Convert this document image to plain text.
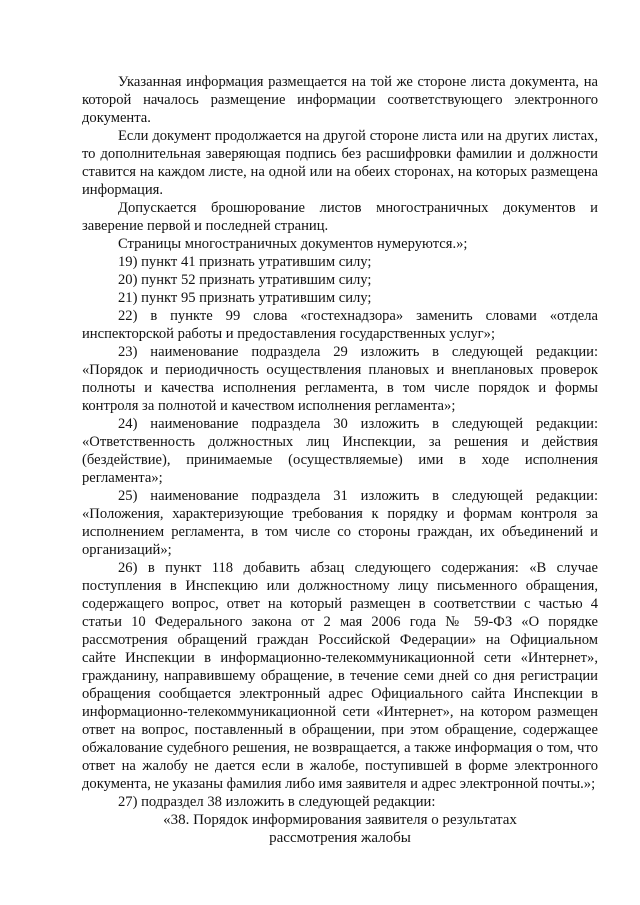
Указанная информация размещается на той же стороне листа документа, на которой началось размещение информации соответствующего электронного документа.

Если документ продолжается на другой стороне листа или на других листах, то дополнительная заверяющая подпись без расшифровки фамилии и должности ставится на каждом листе, на одной или на обеих сторонах, на которых размещена информация.

Допускается брошюрование листов многостраничных документов и заверение первой и последней страниц.

Страницы многостраничных документов нумеруются.»;

19) пункт 41 признать утратившим силу;

20) пункт 52 признать утратившим силу;

21) пункт 95 признать утратившим силу;

22) в пункте 99 слова «гостехнадзора» заменить словами «отдела инспекторской работы и предоставления государственных услуг»;

23) наименование подраздела 29 изложить в следующей редакции: «Порядок и периодичность осуществления плановых и внеплановых проверок полноты и качества исполнения регламента, в том числе порядок и формы контроля за полнотой и качеством исполнения регламента»;

24) наименование подраздела 30 изложить в следующей редакции: «Ответственность должностных лиц Инспекции, за решения и действия (бездействие), принимаемые (осуществляемые) ими в ходе исполнения регламента»;

25) наименование подраздела 31 изложить в следующей редакции: «Положения, характеризующие требования к порядку и формам контроля за исполнением регламента, в том числе со стороны граждан, их объединений и организаций»;

26) в пункт 118 добавить абзац следующего содержания: «В случае поступления в Инспекцию или должностному лицу письменного обращения, содержащего вопрос, ответ на который размещен в соответствии с частью 4 статьи 10 Федерального закона от 2 мая 2006 года № 59-ФЗ «О порядке рассмотрения обращений граждан Российской Федерации» на Официальном сайте Инспекции в информационно-телекоммуникационной сети «Интернет», гражданину, направившему обращение, в течение семи дней со дня регистрации обращения сообщается электронный адрес Официального сайта Инспекции в информационно-телекоммуникационной сети «Интернет», на котором размещен ответ на вопрос, поставленный в обращении, при этом обращение, содержащее обжалование судебного решения, не возвращается, а также информация о том, что ответ на жалобу не дается если в жалобе, поступившей в форме электронного документа, не указаны фамилия либо имя заявителя и адрес электронной почты.»;

27) подраздел 38 изложить в следующей редакции:

«38. Порядок информирования заявителя о результатах

рассмотрения жалобы
